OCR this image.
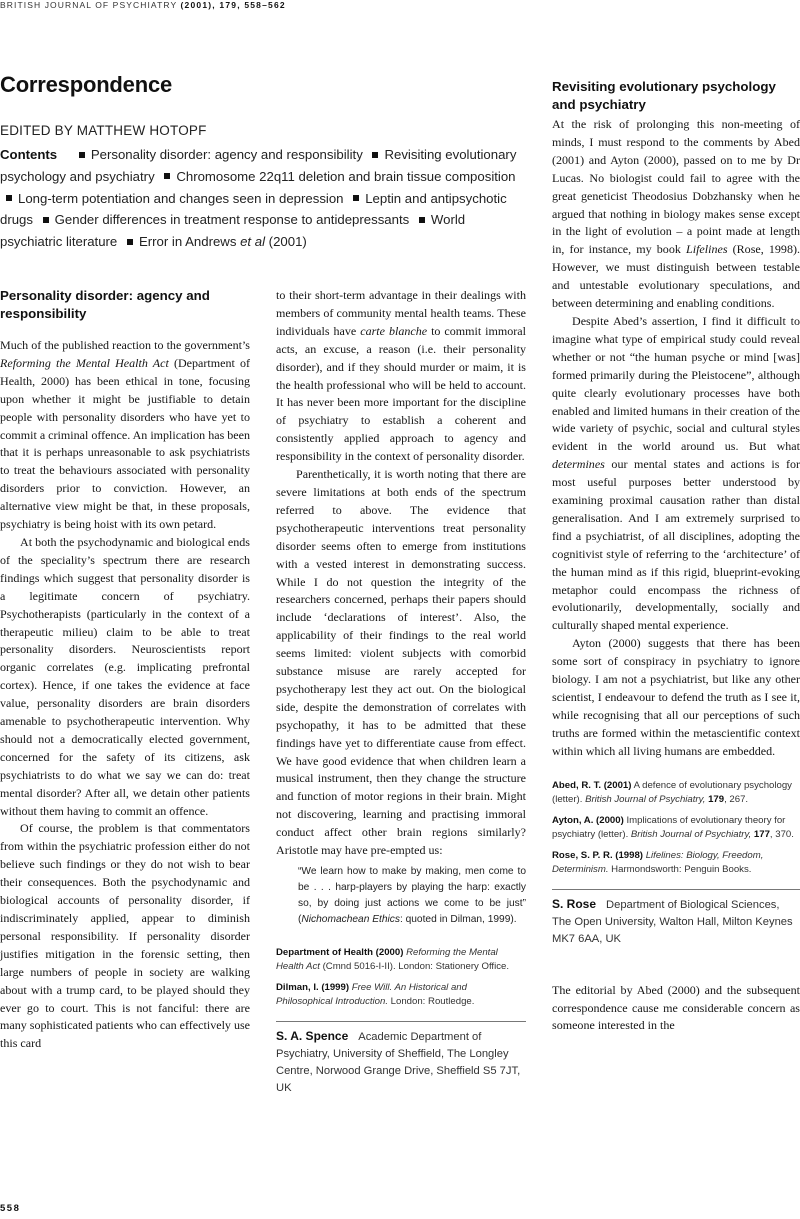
BRITISH JOURNAL OF PSYCHIATRY (2001), 179, 558–562
Correspondence
EDITED BY MATTHEW HOTOPF
Contents	Personality disorder: agency and responsibility Revisiting evolutionary psychology and psychiatry Chromosome 22q11 deletion and brain tissue composition Long-term potentiation and changes seen in depression Leptin and antipsychotic drugs Gender differences in treatment response to antidepressants World psychiatric literature Error in Andrews et al (2001)
Personality disorder: agency and responsibility

Much of the published reaction to the government’s Reforming the Mental Health Act (Department of Health, 2000) has been ethical in tone, focusing upon whether it might be justifiable to detain people with personality disorders who have yet to commit a criminal offence. An implication has been that it is perhaps unreasonable to ask psychiatrists to treat the behaviours associated with personality disorders prior to conviction. However, an alternative view might be that, in these proposals, psychiatry is being hoist with its own petard.

At both the psychodynamic and biological ends of the speciality’s spectrum there are research findings which suggest that personality disorder is a legitimate concern of psychiatry. Psychotherapists (particularly in the context of a therapeutic milieu) claim to be able to treat personality disorders. Neuroscientists report organic correlates (e.g. implicating prefrontal cortex). Hence, if one takes the evidence at face value, personality disorders are brain disorders amenable to psychotherapeutic intervention. Why should not a democratically elected government, concerned for the safety of its citizens, ask psychiatrists to do what we say we can do: treat mental disorder? After all, we detain other patients without them having to commit an offence.

Of course, the problem is that commentators from within the psychiatric profession either do not believe such findings or they do not wish to bear their consequences. Both the psychodynamic and biological accounts of personality disorder, if indiscriminately applied, appear to diminish personal responsibility. If personality disorder justifies mitigation in the forensic setting, then large numbers of people in society are walking about with a trump card, to be played should they ever go to court. This is not fanciful: there are many sophisticated patients who can effectively use this card

to their short-term advantage in their dealings with members of community mental health teams. These individuals have carte blanche to commit immoral acts, an excuse, a reason (i.e. their personality disorder), and if they should murder or maim, it is the health professional who will be held to account. It has never been more important for the discipline of psychiatry to establish a coherent and consistently applied approach to agency and responsibility in the context of personality disorder.

Parenthetically, it is worth noting that there are severe limitations at both ends of the spectrum referred to above. The evidence that psychotherapeutic interventions treat personality disorder seems often to emerge from institutions with a vested interest in demonstrating success. While I do not question the integrity of the researchers concerned, perhaps their papers should include ‘declarations of interest’. Also, the applicability of their findings to the real world seems limited: violent subjects with comorbid substance misuse are rarely accepted for psychotherapy lest they act out. On the biological side, despite the demonstration of correlates with psychopathy, it has to be admitted that these findings have yet to differentiate cause from effect. We have good evidence that when children learn a musical instrument, then they change the structure and function of motor regions in their brain. Might not discovering, learning and practising immoral conduct affect other brain regions similarly? Aristotle may have pre-empted us:

“We learn how to make by making, men come to be . . . harp-players by playing the harp: exactly so, by doing just actions we come to be just” (Nichomachean Ethics: quoted in Dilman, 1999).
Department of Health (2000) Reforming the Mental Health Act (Cmnd 5016-I-II). London: Stationery Office.
Dilman, I. (1999) Free Will. An Historical and Philosophical Introduction. London: Routledge.
S. A. Spence Academic Department of Psychiatry, University of Sheffield, The Longley Centre, Norwood Grange Drive, Sheffield S5 7JT, UK
Revisiting evolutionary psychology and psychiatry

At the risk of prolonging this non-meeting of minds, I must respond to the comments by Abed (2001) and Ayton (2000), passed on to me by Dr Lucas. No biologist could fail to agree with the great geneticist Theodosius Dobzhansky when he argued that nothing in biology makes sense except in the light of evolution – a point made at length in, for instance, my book Lifelines (Rose, 1998). However, we must distinguish between testable and untestable evolutionary speculations, and between determining and enabling conditions.

Despite Abed’s assertion, I find it difficult to imagine what type of empirical study could reveal whether or not “the human psyche or mind [was] formed primarily during the Pleistocene”, although quite clearly evolutionary processes have both enabled and limited humans in their creation of the wide variety of psychic, social and cultural styles evident in the world around us. But what determines our mental states and actions is for most useful purposes better understood by examining proximal causation rather than distal generalisation. And I am extremely surprised to find a psychiatrist, of all disciplines, adopting the cognitivist style of referring to the ‘architecture’ of the human mind as if this rigid, blueprint-evoking metaphor could encompass the richness of evolutionarily, developmentally, socially and culturally shaped mental experience.

Ayton (2000) suggests that there has been some sort of conspiracy in psychiatry to ignore biology. I am not a psychiatrist, but like any other scientist, I endeavour to defend the truth as I see it, while recognising that all our perceptions of such truths are formed within the metascientific context within which all living humans are embedded.

Abed, R. T. (2001) A defence of evolutionary psychology (letter). British Journal of Psychiatry, 179, 267.
Ayton, A. (2000) Implications of evolutionary theory for psychiatry (letter). British Journal of Psychiatry, 177, 370.
Rose, S. P. R. (1998) Lifelines: Biology, Freedom, Determinism. Harmondsworth: Penguin Books.
S. Rose Department of Biological Sciences, The Open University, Walton Hall, Milton Keynes MK7 6AA, UK

The editorial by Abed (2000) and the subsequent correspondence cause me considerable concern as someone interested in the

558
